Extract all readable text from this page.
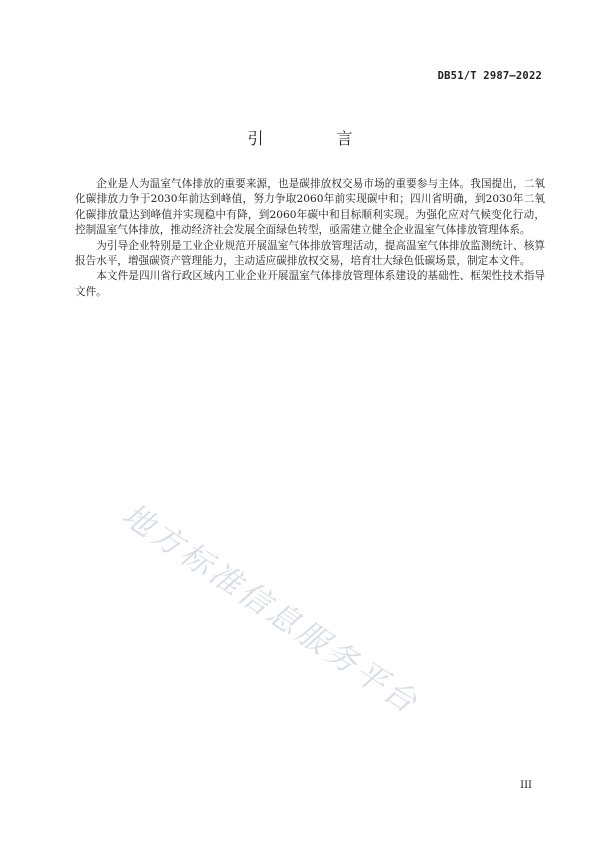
DB51/T 2987—2022
引 言

企业是人为温室气体排放的重要来源，也是碳排放权交易市场的重要参与主体。我国提出，二氧化碳排放力争于2030年前达到峰值，努力争取2060年前实现碳中和；四川省明确，到2030年二氧化碳排放量达到峰值并实现稳中有降，到2060年碳中和目标顺利实现。为强化应对气候变化行动，控制温室气体排放，推动经济社会发展全面绿色转型，亟需建立健全企业温室气体排放管理体系。

为引导企业特别是工业企业规范开展温室气体排放管理活动，提高温室气体排放监测统计、核算报告水平，增强碳资产管理能力，主动适应碳排放权交易，培育壮大绿色低碳场景，制定本文件。

本文件是四川省行政区域内工业企业开展温室气体排放管理体系建设的基础性、框架性技术指导文件。

地方标准信息服务平台
III
